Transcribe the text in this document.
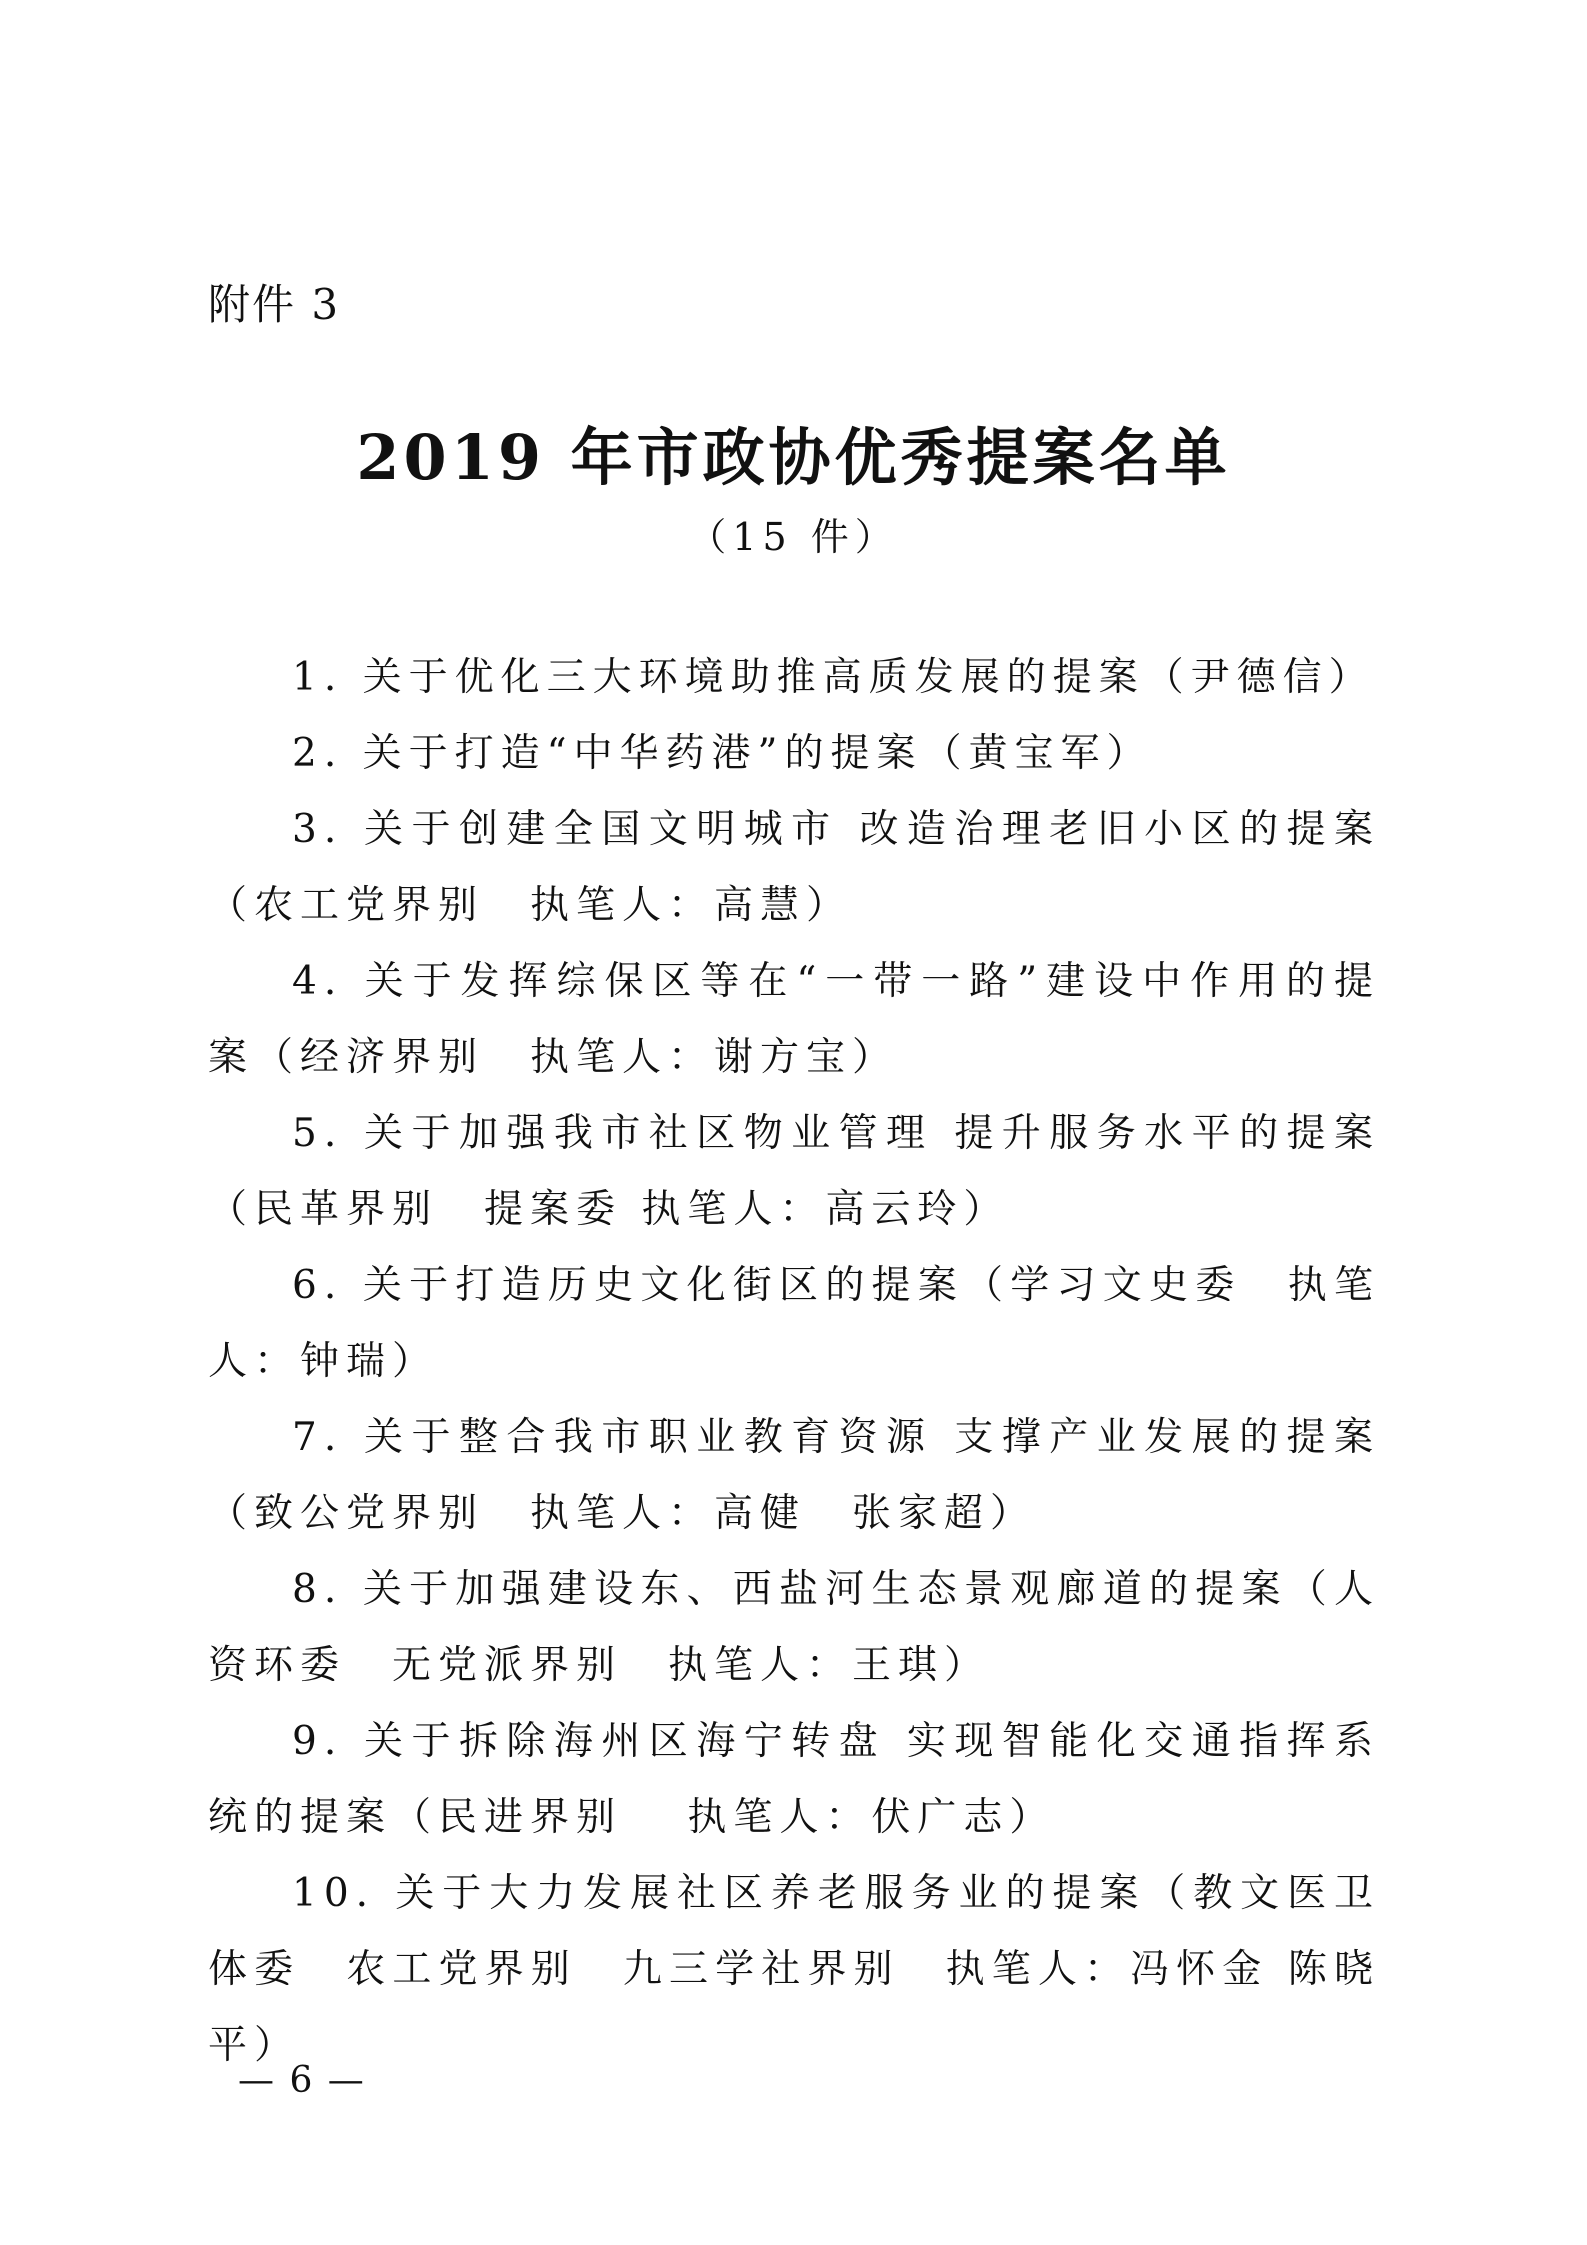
附件 3
2019 年市政协优秀提案名单
（15 件）

1. 关于优化三大环境助推高质发展的提案（尹德信）

2. 关于打造“中华药港”的提案（黄宝军）

3. 关于创建全国文明城市 改造治理老旧小区的提案（农工党界别　执笔人：高慧）

4. 关于发挥综保区等在“一带一路”建设中作用的提案（经济界别　执笔人：谢方宝）

5. 关于加强我市社区物业管理 提升服务水平的提案（民革界别　提案委 执笔人：高云玲）

6. 关于打造历史文化街区的提案（学习文史委　执笔人：钟瑞）

7. 关于整合我市职业教育资源 支撑产业发展的提案（致公党界别　执笔人：高健　张家超）

8. 关于加强建设东、西盐河生态景观廊道的提案（人资环委　无党派界别　执笔人：王琪）

9. 关于拆除海州区海宁转盘 实现智能化交通指挥系统的提案（民进界别　 执笔人：伏广志）

10. 关于大力发展社区养老服务业的提案（教文医卫体委　农工党界别　九三学社界别　执笔人：冯怀金 陈晓平）

— 6 —
